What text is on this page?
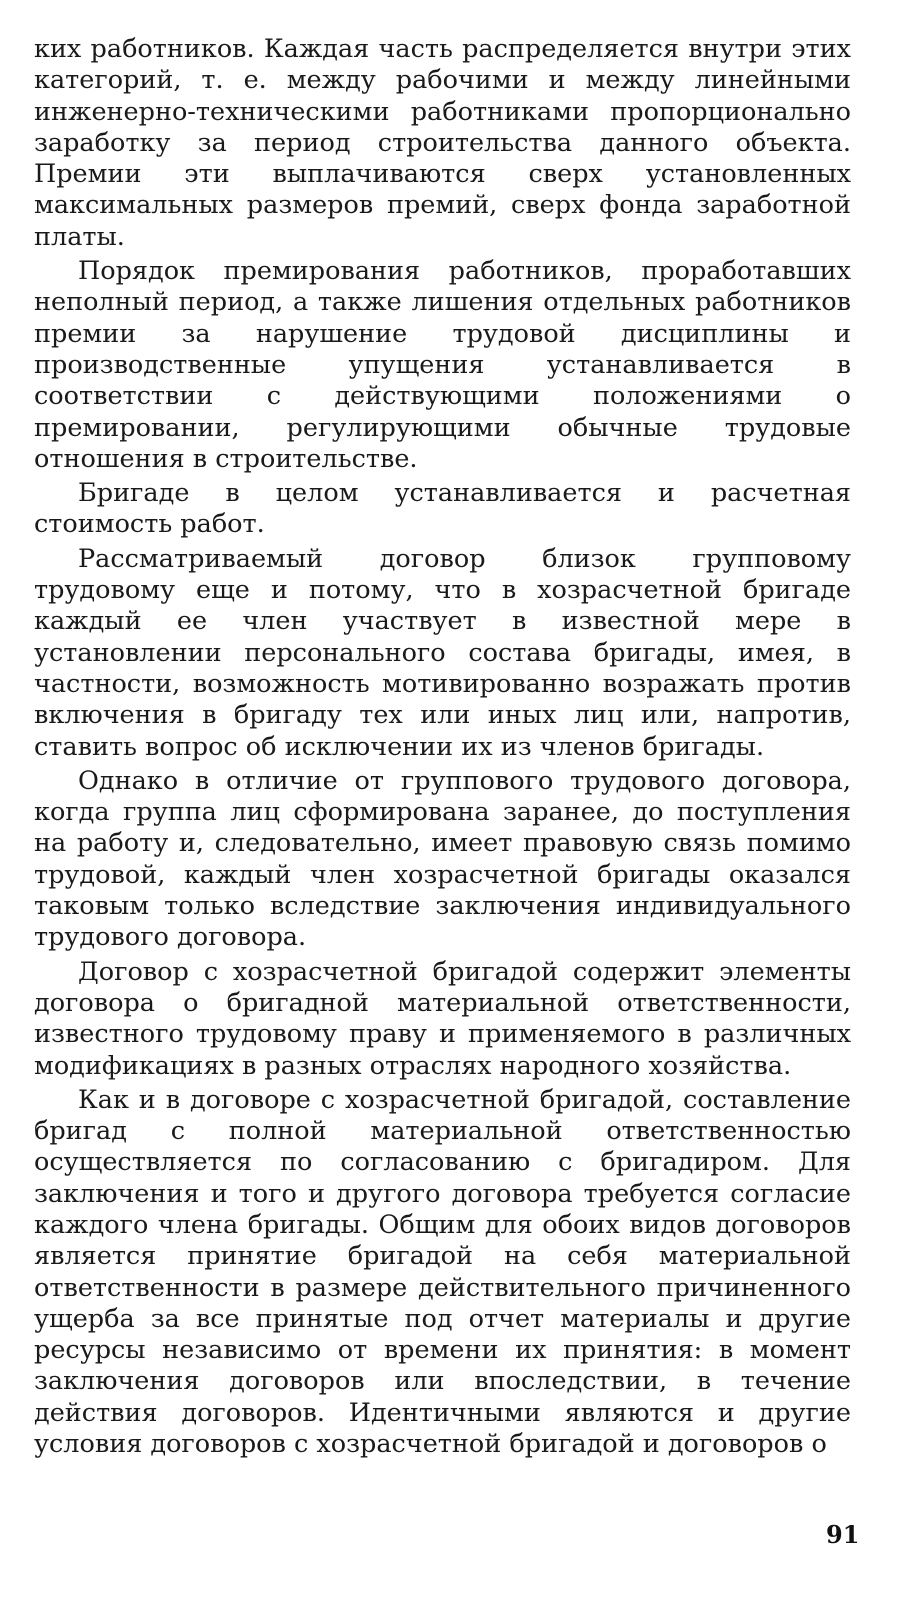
ких работников. Каждая часть распределяется внутри этих категорий, т. е. между рабочими и между линейными инженерно-техническими работниками пропорционально заработку за период строительства данного объекта. Премии эти выплачиваются сверх установленных максимальных размеров премий, сверх фонда заработной платы.

Порядок премирования работников, проработавших неполный период, а также лишения отдельных работников премии за нарушение трудовой дисциплины и производственные упущения устанавливается в соответствии с действующими положениями о премировании, регулирующими обычные трудовые отношения в строительстве.

Бригаде в целом устанавливается и расчетная стоимость работ.

Рассматриваемый договор близок групповому трудовому еще и потому, что в хозрасчетной бригаде каждый ее член участвует в известной мере в установлении персонального состава бригады, имея, в частности, возможность мотивированно возражать против включения в бригаду тех или иных лиц или, напротив, ставить вопрос об исключении их из членов бригады.

Однако в отличие от группового трудового договора, когда группа лиц сформирована заранее, до поступления на работу и, следовательно, имеет правовую связь помимо трудовой, каждый член хозрасчетной бригады оказался таковым только вследствие заключения индивидуального трудового договора.

Договор с хозрасчетной бригадой содержит элементы договора о бригадной материальной ответственности, известного трудовому праву и применяемого в различных модификациях в разных отраслях народного хозяйства.

Как и в договоре с хозрасчетной бригадой, составление бригад с полной материальной ответственностью осуществляется по согласованию с бригадиром. Для заключения и того и другого договора требуется согласие каждого члена бригады. Общим для обоих видов договоров является принятие бригадой на себя материальной ответственности в размере действительного причиненного ущерба за все принятые под отчет материалы и другие ресурсы независимо от времени их принятия: в момент заключения договоров или впоследствии, в течение действия договоров. Идентичными являются и другие условия договоров с хозрасчетной бригадой и договоров о

91
